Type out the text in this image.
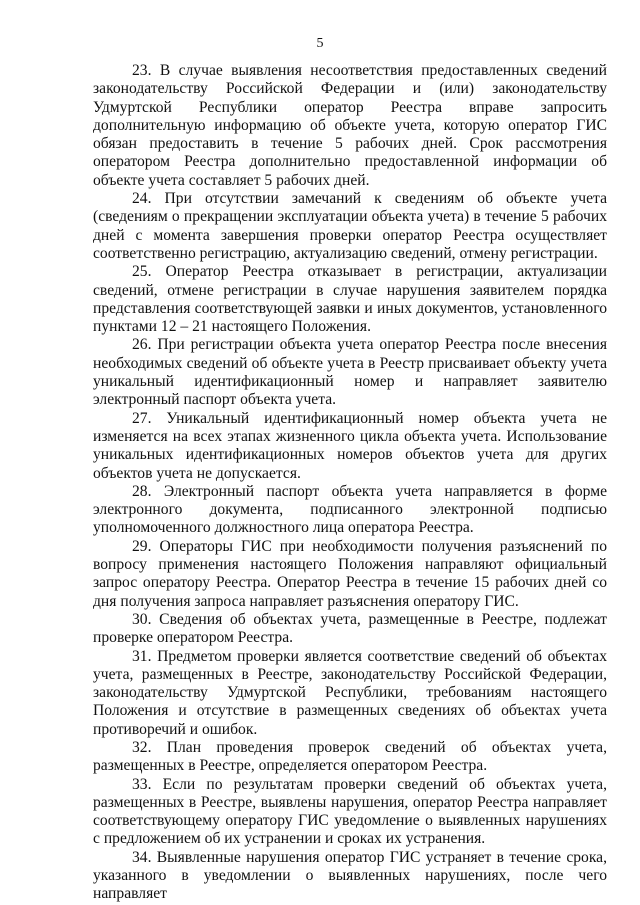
5

23. В случае выявления несоответствия предоставленных сведений законодательству Российской Федерации и (или) законодательству Удмуртской Республики оператор Реестра вправе запросить дополнительную информацию об объекте учета, которую оператор ГИС обязан предоставить в течение 5 рабочих дней. Срок рассмотрения оператором Реестра дополнительно предоставленной информации об объекте учета составляет 5 рабочих дней.

24. При отсутствии замечаний к сведениям об объекте учета (сведениям о прекращении эксплуатации объекта учета) в течение 5 рабочих дней с момента завершения проверки оператор Реестра осуществляет соответственно регистрацию, актуализацию сведений, отмену регистрации.

25. Оператор Реестра отказывает в регистрации, актуализации сведений, отмене регистрации в случае нарушения заявителем порядка представления соответствующей заявки и иных документов, установленного пунктами 12 – 21 настоящего Положения.

26. При регистрации объекта учета оператор Реестра после внесения необходимых сведений об объекте учета в Реестр присваивает объекту учета уникальный идентификационный номер и направляет заявителю электронный паспорт объекта учета.

27. Уникальный идентификационный номер объекта учета не изменяется на всех этапах жизненного цикла объекта учета. Использование уникальных идентификационных номеров объектов учета для других объектов учета не допускается.

28. Электронный паспорт объекта учета направляется в форме электронного документа, подписанного электронной подписью уполномоченного должностного лица оператора Реестра.

29. Операторы ГИС при необходимости получения разъяснений по вопросу применения настоящего Положения направляют официальный запрос оператору Реестра. Оператор Реестра в течение 15 рабочих дней со дня получения запроса направляет разъяснения оператору ГИС.

30. Сведения об объектах учета, размещенные в Реестре, подлежат проверке оператором Реестра.

31. Предметом проверки является соответствие сведений об объектах учета, размещенных в Реестре, законодательству Российской Федерации, законодательству Удмуртской Республики, требованиям настоящего Положения и отсутствие в размещенных сведениях об объектах учета противоречий и ошибок.

32. План проведения проверок сведений об объектах учета, размещенных в Реестре, определяется оператором Реестра.

33. Если по результатам проверки сведений об объектах учета, размещенных в Реестре, выявлены нарушения, оператор Реестра направляет соответствующему оператору ГИС уведомление о выявленных нарушениях с предложением об их устранении и сроках их устранения.

34. Выявленные нарушения оператор ГИС устраняет в течение срока, указанного в уведомлении о выявленных нарушениях, после чего направляет
